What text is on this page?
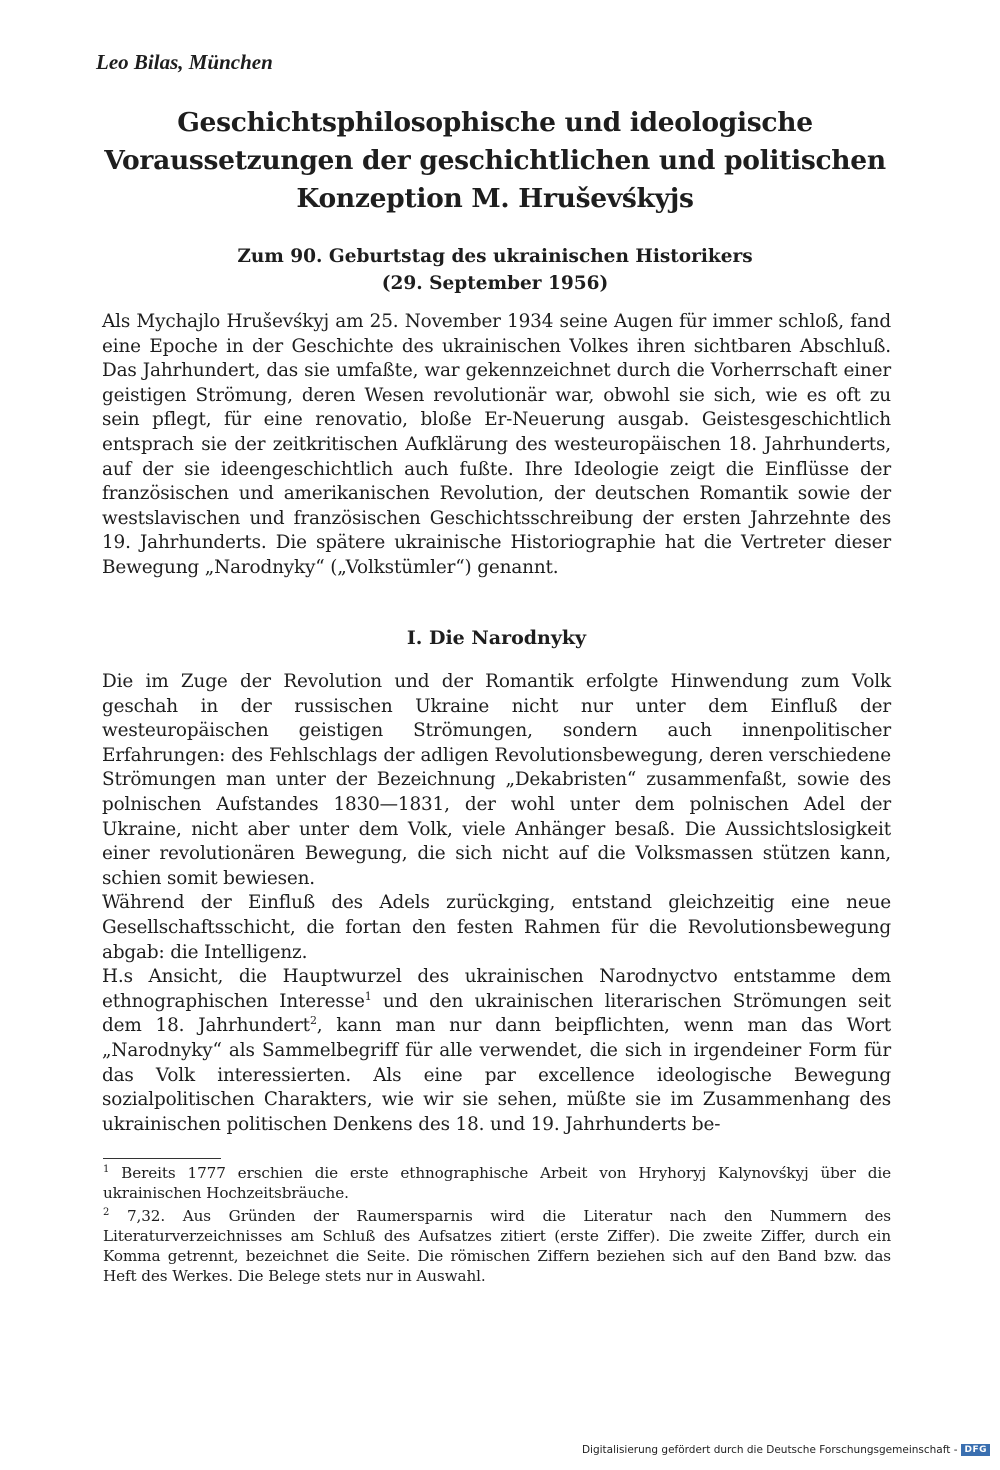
Leo Bilas, München
Geschichtsphilosophische und ideologische
Voraussetzungen der geschichtlichen und politischen
Konzeption M. Hruševśkyjs
Zum 90. Geburtstag des ukrainischen Historikers
(29. September 1956)

Als Mychajlo Hruševśkyj am 25. November 1934 seine Augen für immer schloß, fand eine Epoche in der Geschichte des ukrainischen Volkes ihren sichtbaren Abschluß. Das Jahrhundert, das sie umfaßte, war gekennzeichnet durch die Vorherrschaft einer geistigen Strömung, deren Wesen revolutionär war, obwohl sie sich, wie es oft zu sein pflegt, für eine renovatio, bloße Er-Neuerung ausgab. Geistesgeschichtlich entsprach sie der zeitkritischen Aufklärung des westeuropäischen 18. Jahrhunderts, auf der sie ideengeschichtlich auch fußte. Ihre Ideologie zeigt die Einflüsse der französischen und amerikanischen Revolution, der deutschen Romantik sowie der westslavischen und französischen Geschichtsschreibung der ersten Jahrzehnte des 19. Jahrhunderts. Die spätere ukrainische Historiographie hat die Vertreter dieser Bewegung „Narodnyky“ („Volkstümler“) genannt.

I. Die Narodnyky

Die im Zuge der Revolution und der Romantik erfolgte Hinwendung zum Volk geschah in der russischen Ukraine nicht nur unter dem Einfluß der westeuropäischen geistigen Strömungen, sondern auch innenpolitischer Erfahrungen: des Fehlschlags der adligen Revolutionsbewegung, deren verschiedene Strömungen man unter der Bezeichnung „Dekabristen“ zusammenfaßt, sowie des polnischen Aufstandes 1830—1831, der wohl unter dem polnischen Adel der Ukraine, nicht aber unter dem Volk, viele Anhänger besaß. Die Aussichtslosigkeit einer revolutionären Bewegung, die sich nicht auf die Volksmassen stützen kann, schien somit bewiesen.

Während der Einfluß des Adels zurückging, entstand gleichzeitig eine neue Gesellschaftsschicht, die fortan den festen Rahmen für die Revolutionsbewegung abgab: die Intelligenz.

H.s Ansicht, die Hauptwurzel des ukrainischen Narodnyctvo entstamme dem ethnographischen Interesse$^1$ und den ukrainischen literarischen Strömungen seit dem 18. Jahrhundert$^2$, kann man nur dann beipflichten, wenn man das Wort „Narodnyky“ als Sammelbegriff für alle verwendet, die sich in irgendeiner Form für das Volk interessierten. Als eine par excellence ideologische Bewegung sozialpolitischen Charakters, wie wir sie sehen, müßte sie im Zusammenhang des ukrainischen politischen Denkens des 18. und 19. Jahrhunderts be-

$^1$ Bereits 1777 erschien die erste ethnographische Arbeit von Hryhoryj Kalynovśkyj über die ukrainischen Hochzeitsbräuche.

$^2$ 7,32. Aus Gründen der Raumersparnis wird die Literatur nach den Nummern des Literaturverzeichnisses am Schluß des Aufsatzes zitiert (erste Ziffer). Die zweite Ziffer, durch ein Komma getrennt, bezeichnet die Seite. Die römischen Ziffern beziehen sich auf den Band bzw. das Heft des Werkes. Die Belege stets nur in Auswahl.

Digitalisierung gefördert durch die Deutsche Forschungsgemeinschaft - DFG
